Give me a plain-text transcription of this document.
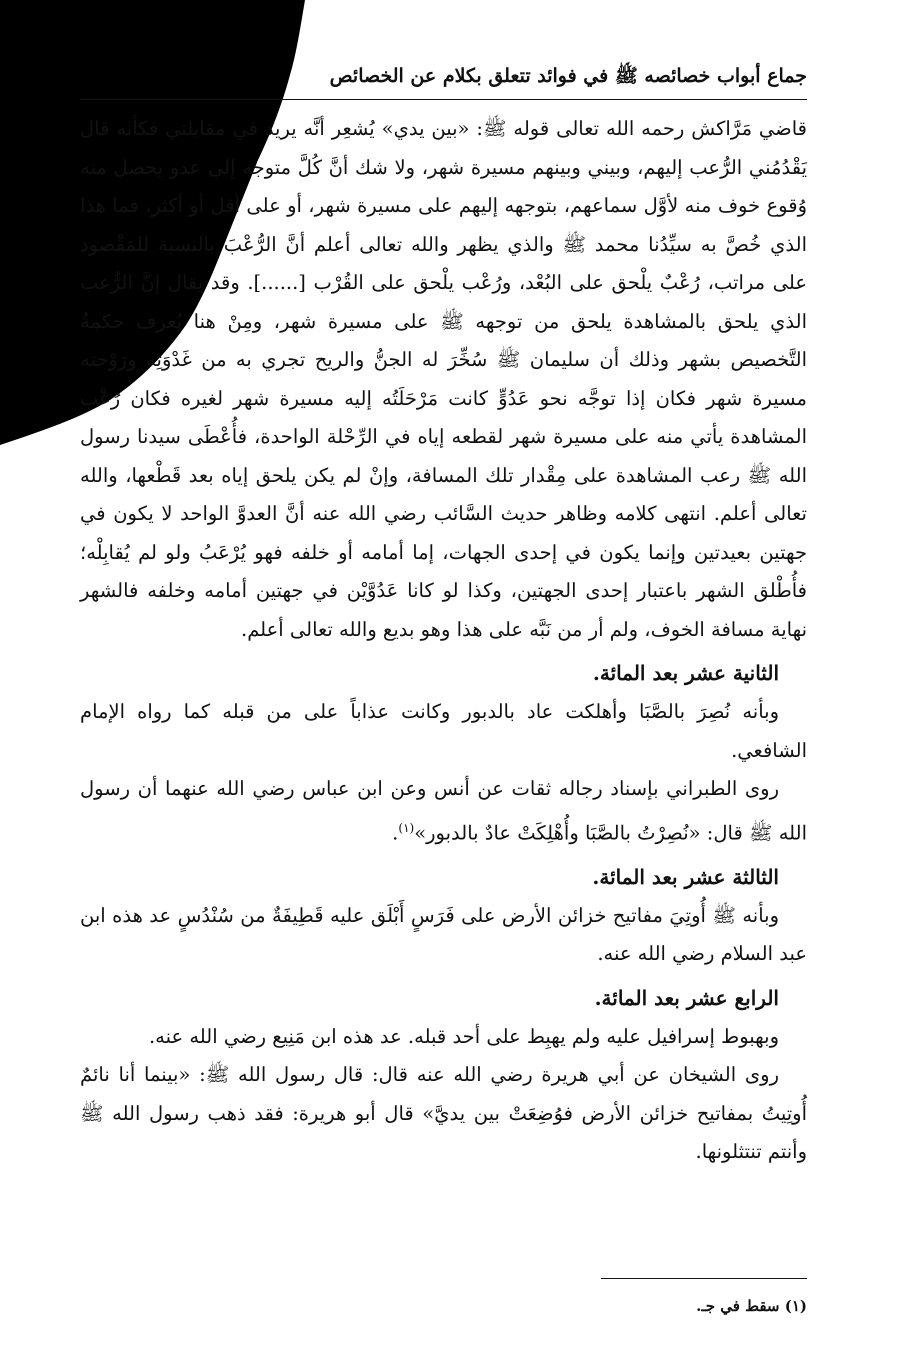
جماع أبواب خصائصه ﷺ في فوائد تتعلق بكلام عن الخصائص

قاضي مَرَّاكش رحمه الله تعالى قوله ﷺ: «بين يدي» يُشعِر أنَّه يريد في مقابلتي فكأنه قال يَقْدُمُني الرُّعب إليهم، وبيني وبينهم مسيرة شهر، ولا شك أنَّ كُلَّ متوجه إلى عدو يحصل منه وُقوع خوف منه لأوَّل سماعهم، بتوجهه إليهم على مسيرة شهر، أو على أقل أو أكثر، فما هذا الذي خُصَّ به سيِّدُنا محمد ﷺ والذي يظهر والله تعالى أعلم أنَّ الرُّعْبَ بالنسبة للمَقْصود على مراتب، رُعْبٌ يلْحق على البُعْد، ورُعْب يلْحق على القُرْب [......]. وقد يقال إنَّ الرُّعب الذي يلحق بالمشاهدة يلحق من توجهه ﷺ على مسيرة شهر، ومِنْ هنا يُعرف حكمةُ التَّخصيص بشهر وذلك أن سليمان ﷺ سُخِّرَ له الجنُّ والريح تجري به من غَدْوَتِه ورَوْحته مسيرة شهر فكان إذا توجَّه نحو عَدُوٍّ كانت مَرْحَلَتُه إليه مسيرة شهر لغيره فكان رُعْب المشاهدة يأتي منه على مسيرة شهر لقطعه إياه في الرِّحْلة الواحدة، فأُعْطَى سيدنا رسول الله ﷺ رعب المشاهدة على مِقْدار تلك المسافة، وإنْ لم يكن يلحق إياه بعد قَطْعها، والله تعالى أعلم. انتهى كلامه وظاهر حديث السَّائب رضي الله عنه أنَّ العدوَّ الواحد لا يكون في جهتين بعيدتين وإنما يكون في إحدى الجهات، إما أمامه أو خلفه فهو يُرْعَبُ ولو لم يُقابِلْه؛ فأُطْلق الشهر باعتبار إحدى الجهتين، وكذا لو كانا عَدُوَّيْن في جهتين أمامه وخلفه فالشهر نهاية مسافة الخوف، ولم أر من نَبَّه على هذا وهو بديع والله تعالى أعلم.

الثانية عشر بعد المائة.

وبأنه نُصِرَ بالصَّبَا وأهلكت عاد بالدبور وكانت عذاباً على من قبله كما رواه الإمام الشافعي.

روى الطبراني بإسناد رجاله ثقات عن أنس وعن ابن عباس رضي الله عنهما أن رسول الله ﷺ قال: «نُصِرْتُ بالصَّبَا وأُهْلِكَتْ عادٌ بالدبور»$^{(١)}$.

الثالثة عشر بعد المائة.

وبأنه ﷺ أُوتِيَ مفاتيح خزائن الأرض على فَرَسٍ أَبْلَق عليه قَطِيفَةٌ من سُنْدُسٍ عد هذه ابن عبد السلام رضي الله عنه.

الرابع عشر بعد المائة.

وبهبوط إسرافيل عليه ولم يهبِط على أحد قبله. عد هذه ابن مَنِيع رضي الله عنه.

روى الشيخان عن أبي هريرة رضي الله عنه قال: قال رسول الله ﷺ: «بينما أنا نائمٌ أُوتِيتُ بمفاتيح خزائن الأرض فوُضِعَتْ بين يديَّ» قال أبو هريرة: فقد ذهب رسول الله ﷺ وأنتم تنتثلونها.

(١) سقط في جـ.
